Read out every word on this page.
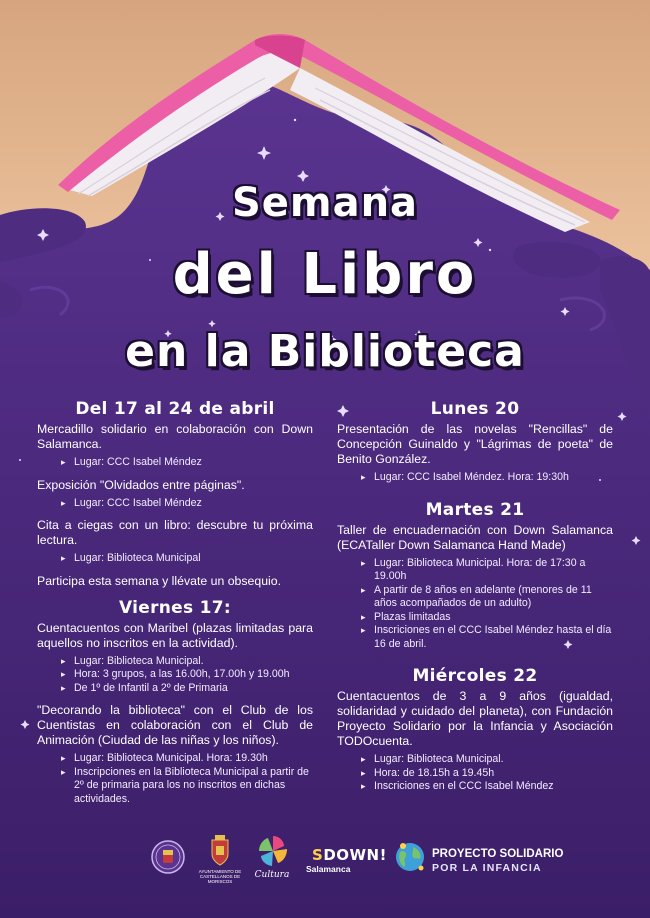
Semana
del Libro
en la Biblioteca
Del 17 al 24 de abril

Mercadillo solidario en colaboración con Down Salamanca.

▸ Lugar: CCC Isabel Méndez

Exposición "Olvidados entre páginas".

▸ Lugar: CCC Isabel Méndez

Cita a ciegas con un libro: descubre tu próxima lectura.

▸ Lugar: Biblioteca Municipal

Participa esta semana y llévate un obsequio.

Viernes 17:

Cuentacuentos con Maribel (plazas limitadas para aquellos no inscritos en la actividad).

▸ Lugar: Biblioteca Municipal.
▸ Hora: 3 grupos, a las 16.00h, 17.00h y 19.00h
▸ De 1º de Infantil a 2º de Primaria

"Decorando la biblioteca" con el Club de los Cuentistas en colaboración con el Club de Animación (Ciudad de las niñas y los niños).

▸ Lugar: Biblioteca Municipal. Hora: 19.30h
▸ Inscripciones en la Biblioteca Municipal a partir de 2º de primaria para los no inscritos en dichas actividades.
Lunes 20

Presentación de las novelas "Rencillas" de Concepción Guinaldo y "Lágrimas de poeta" de Benito González.

▸ Lugar: CCC Isabel Méndez. Hora: 19:30h
Martes 21

Taller de encuadernación con Down Salamanca (ECATaller Down Salamanca Hand Made)

▸ Lugar: Biblioteca Municipal. Hora: de 17:30 a 19.00h
▸ A partir de 8 años en adelante (menores de 11 años acompañados de un adulto)
▸ Plazas limitadas
▸ Inscriciones en el CCC Isabel Méndez hasta el día 16 de abril.
Miércoles 22

Cuentacuentos de 3 a 9 años (igualdad, solidaridad y cuidado del planeta), con Fundación Proyecto Solidario por la Infancia y Asociación TODOcuenta.

▸ Lugar: Biblioteca Municipal.
▸ Hora: de 18.15h a 19.45h
▸ Inscriciones en el CCC Isabel Méndez
AYUNTAMIENTO DE CASTELLANOS DE MORISCOS
Cultura
SDOWN!
Salamanca
PROYECTO SOLIDARIO
POR LA INFANCIA
